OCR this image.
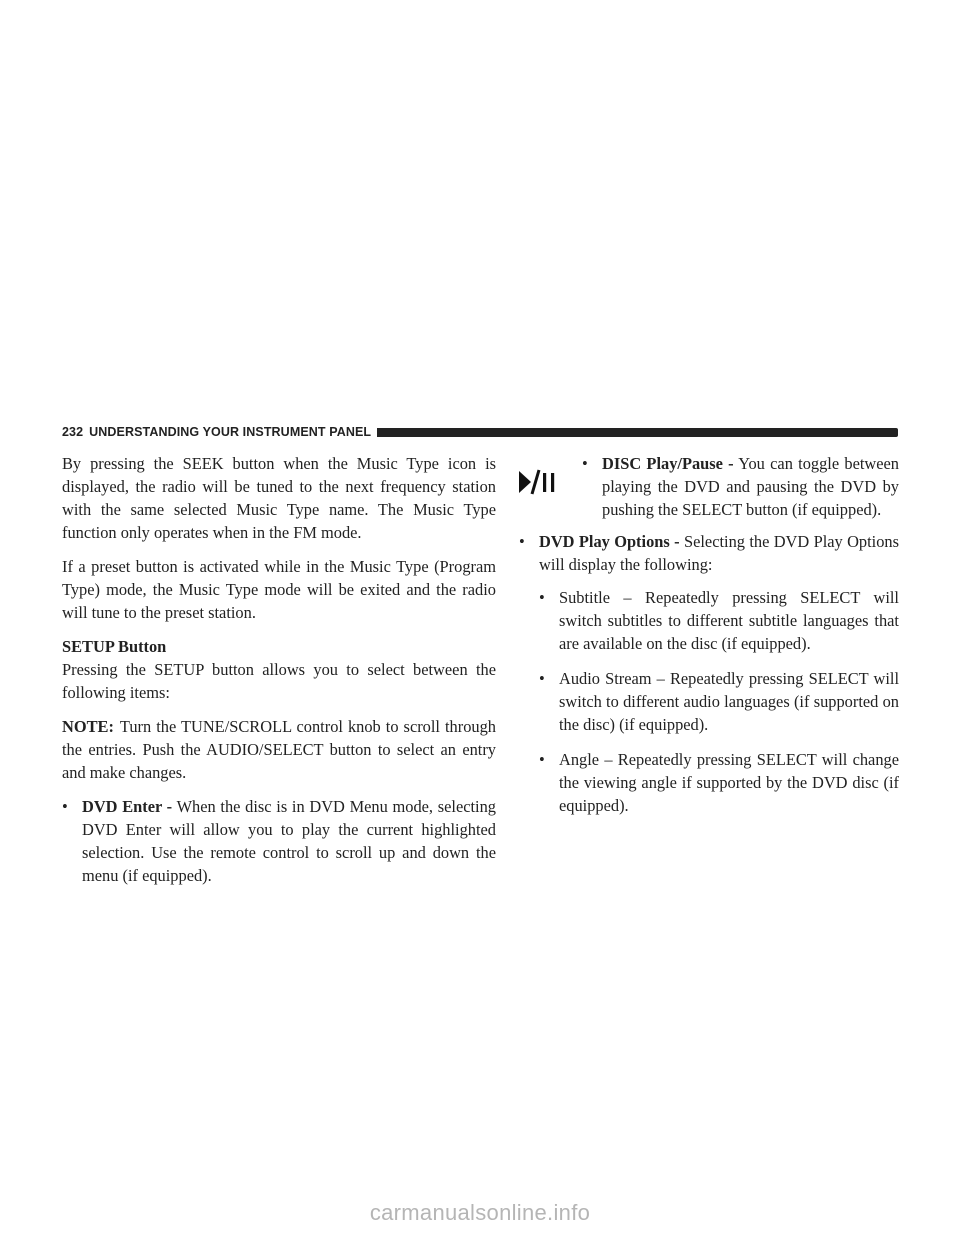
232 UNDERSTANDING YOUR INSTRUMENT PANEL

By pressing the SEEK button when the Music Type icon is displayed, the radio will be tuned to the next frequency station with the same selected Music Type name. The Music Type function only operates when in the FM mode.

If a preset button is activated while in the Music Type (Program Type) mode, the Music Type mode will be exited and the radio will tune to the preset station.

SETUP Button

Pressing the SETUP button allows you to select between the following items:

NOTE: Turn the TUNE/SCROLL control knob to scroll through the entries. Push the AUDIO/SELECT button to select an entry and make changes.

• DVD Enter - When the disc is in DVD Menu mode, selecting DVD Enter will allow you to play the current highlighted selection. Use the remote control to scroll up and down the menu (if equipped).
• DISC Play/Pause - You can toggle between playing the DVD and pausing the DVD by pushing the SELECT button (if equipped).
• DVD Play Options - Selecting the DVD Play Options will display the following:
• Subtitle – Repeatedly pressing SELECT will switch subtitles to different subtitle languages that are available on the disc (if equipped).
• Audio Stream – Repeatedly pressing SELECT will switch to different audio languages (if supported on the disc) (if equipped).
• Angle – Repeatedly pressing SELECT will change the viewing angle if supported by the DVD disc (if equipped).
carmanualsonline.info
